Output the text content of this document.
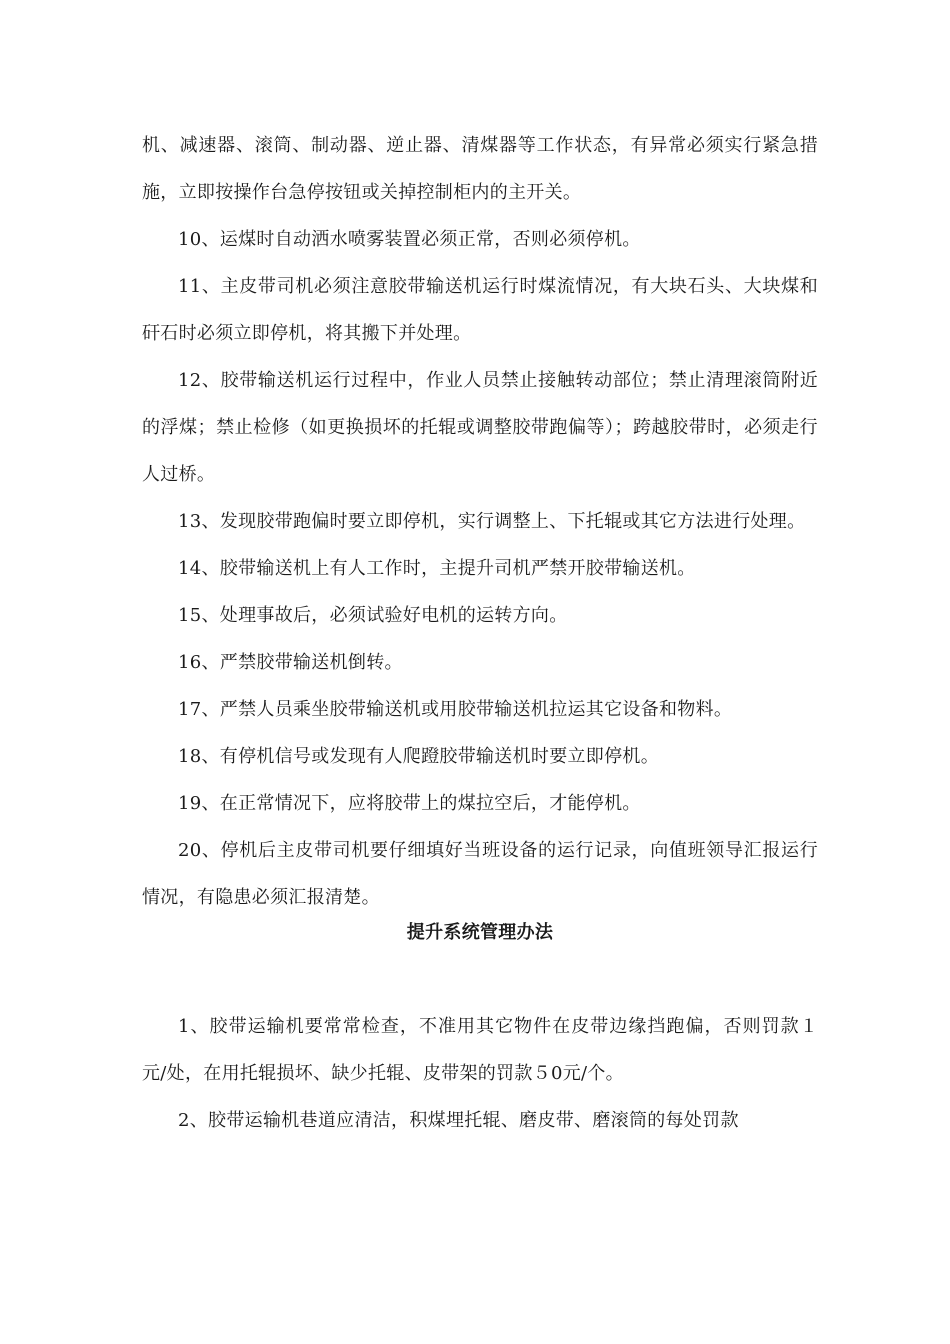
机、减速器、滚筒、制动器、逆止器、清煤器等工作状态，有异常必须实行紧急措施，立即按操作台急停按钮或关掉控制柜内的主开关。

10、运煤时自动洒水喷雾装置必须正常，否则必须停机。

11、主皮带司机必须注意胶带输送机运行时煤流情况，有大块石头、大块煤和矸石时必须立即停机，将其搬下并处理。

12、胶带输送机运行过程中，作业人员禁止接触转动部位；禁止清理滚筒附近的浮煤；禁止检修（如更换损坏的托辊或调整胶带跑偏等）；跨越胶带时，必须走行人过桥。

13、发现胶带跑偏时要立即停机，实行调整上、下托辊或其它方法进行处理。

14、胶带输送机上有人工作时，主提升司机严禁开胶带输送机。

15、处理事故后，必须试验好电机的运转方向。

16、严禁胶带输送机倒转。

17、严禁人员乘坐胶带输送机或用胶带输送机拉运其它设备和物料。

18、有停机信号或发现有人爬蹬胶带输送机时要立即停机。

19、在正常情况下，应将胶带上的煤拉空后，才能停机。

20、停机后主皮带司机要仔细填好当班设备的运行记录，向值班领导汇报运行情况，有隐患必须汇报清楚。

提升系统管理办法

1、胶带运输机要常常检查，不准用其它物件在皮带边缘挡跑偏，否则罚款１元/处，在用托辊损坏、缺少托辊、皮带架的罚款５0元/个。

2、胶带运输机巷道应清洁，积煤埋托辊、磨皮带、磨滚筒的每处罚款
